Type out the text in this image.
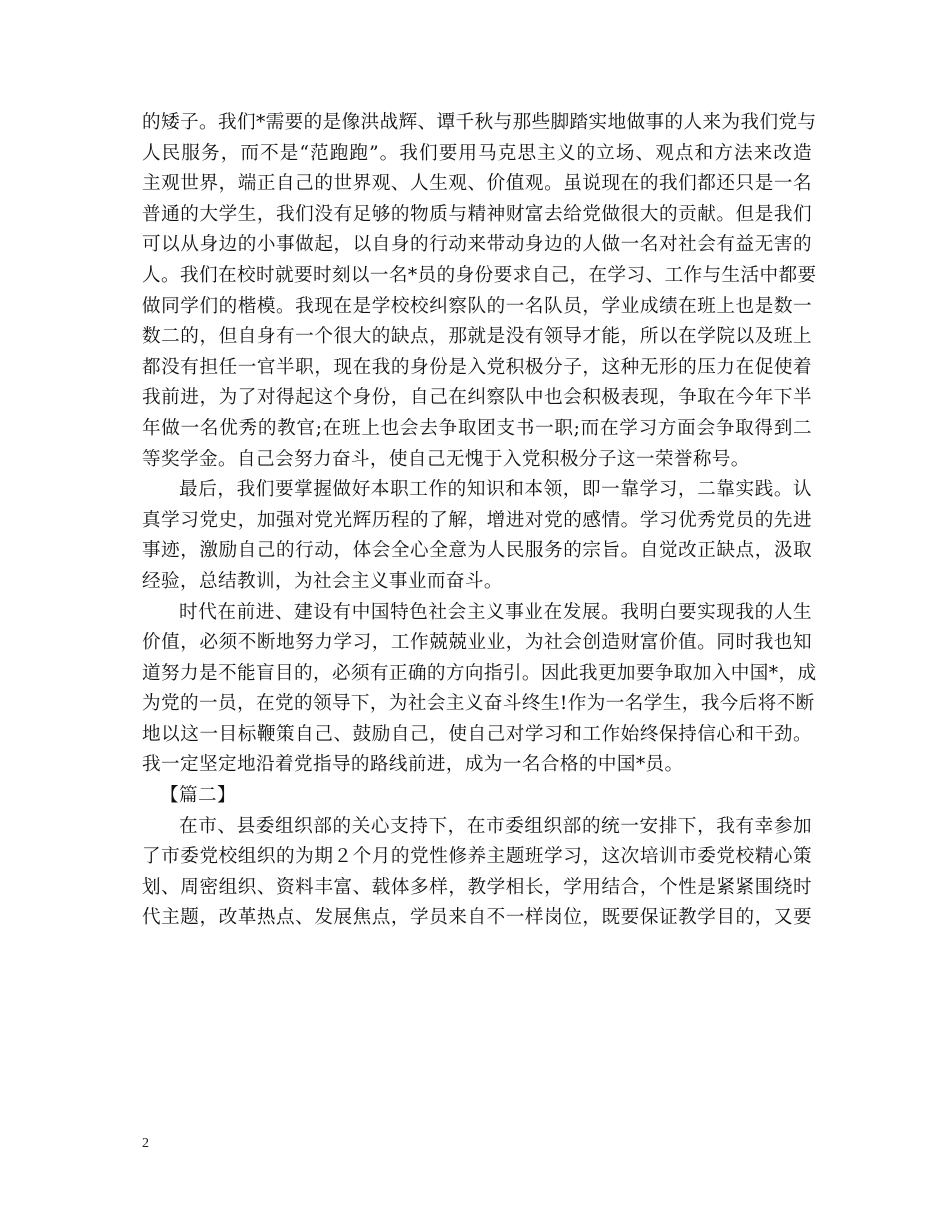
的矮子。我们*需要的是像洪战辉、谭千秋与那些脚踏实地做事的人来为我们党与
人民服务，而不是“范跑跑”。我们要用马克思主义的立场、观点和方法来改造
主观世界，端正自己的世界观、人生观、价值观。虽说现在的我们都还只是一名
普通的大学生，我们没有足够的物质与精神财富去给党做很大的贡献。但是我们
可以从身边的小事做起，以自身的行动来带动身边的人做一名对社会有益无害的
人。我们在校时就要时刻以一名*员的身份要求自己，在学习、工作与生活中都要
做同学们的楷模。我现在是学校校纠察队的一名队员，学业成绩在班上也是数一
数二的，但自身有一个很大的缺点，那就是没有领导才能，所以在学院以及班上
都没有担任一官半职，现在我的身份是入党积极分子，这种无形的压力在促使着
我前进，为了对得起这个身份，自己在纠察队中也会积极表现，争取在今年下半
年做一名优秀的教官;在班上也会去争取团支书一职;而在学习方面会争取得到二
等奖学金。自己会努力奋斗，使自己无愧于入党积极分子这一荣誉称号。
最后，我们要掌握做好本职工作的知识和本领，即一靠学习，二靠实践。认
真学习党史，加强对党光辉历程的了解，增进对党的感情。学习优秀党员的先进
事迹，激励自己的行动，体会全心全意为人民服务的宗旨。自觉改正缺点，汲取
经验，总结教训，为社会主义事业而奋斗。
时代在前进、建设有中国特色社会主义事业在发展。我明白要实现我的人生
价值，必须不断地努力学习，工作兢兢业业，为社会创造财富价值。同时我也知
道努力是不能盲目的，必须有正确的方向指引。因此我更加要争取加入中国*，成
为党的一员，在党的领导下，为社会主义奋斗终生!作为一名学生，我今后将不断
地以这一目标鞭策自己、鼓励自己，使自己对学习和工作始终保持信心和干劲。
我一定坚定地沿着党指导的路线前进，成为一名合格的中国*员。
【篇二】
在市、县委组织部的关心支持下，在市委组织部的统一安排下，我有幸参加
了市委党校组织的为期２个月的党性修养主题班学习，这次培训市委党校精心策
划、周密组织、资料丰富、载体多样，教学相长，学用结合，个性是紧紧围绕时
代主题，改革热点、发展焦点，学员来自不一样岗位，既要保证教学目的，又要
2
